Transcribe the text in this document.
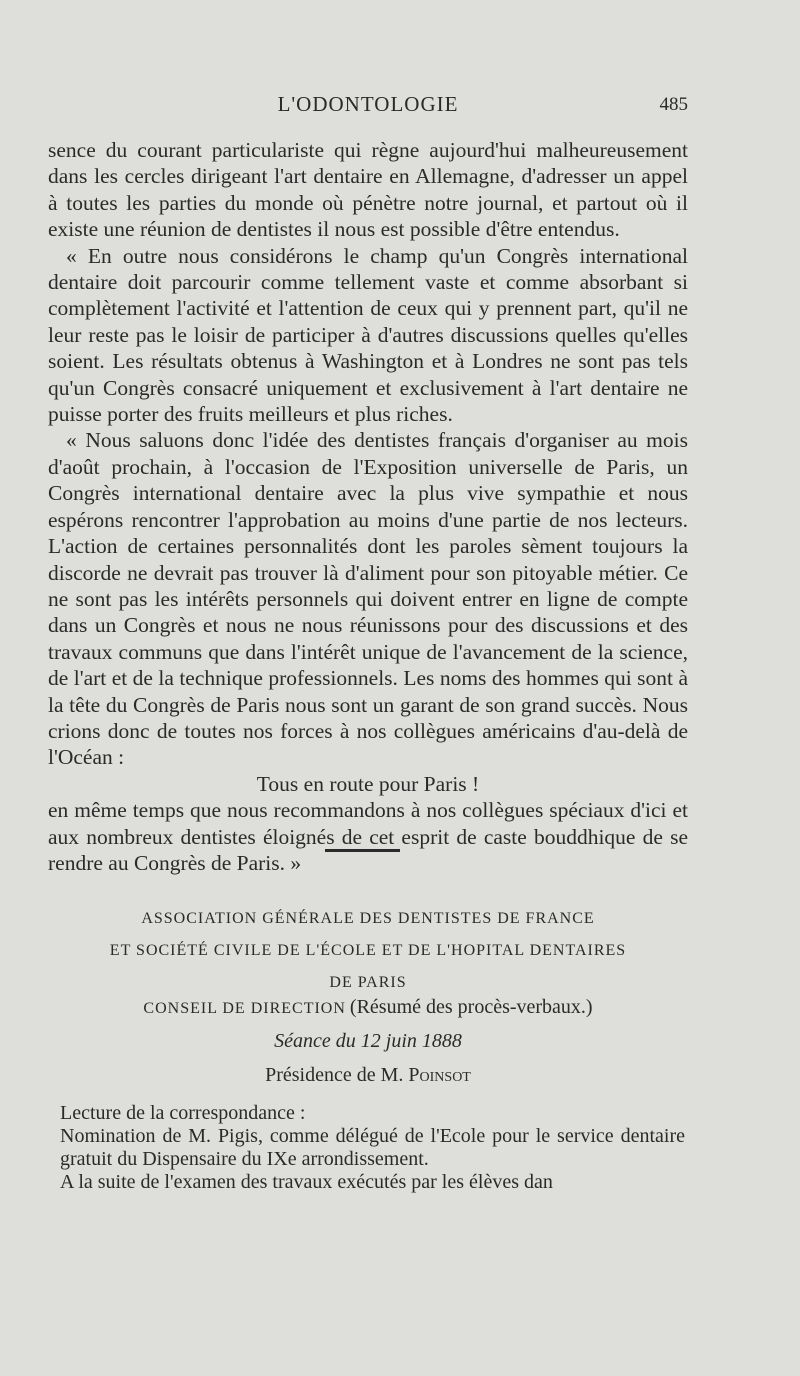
L'ODONTOLOGIE	485

sence du courant particulariste qui règne aujourd'hui malheureusement dans les cercles dirigeant l'art dentaire en Allemagne, d'adresser un appel à toutes les parties du monde où pénètre notre journal, et partout où il existe une réunion de dentistes il nous est possible d'être entendus.

« En outre nous considérons le champ qu'un Congrès international dentaire doit parcourir comme tellement vaste et comme absorbant si complètement l'activité et l'attention de ceux qui y prennent part, qu'il ne leur reste pas le loisir de participer à d'autres discussions quelles qu'elles soient. Les résultats obtenus à Washington et à Londres ne sont pas tels qu'un Congrès consacré uniquement et exclusivement à l'art dentaire ne puisse porter des fruits meilleurs et plus riches.

« Nous saluons donc l'idée des dentistes français d'organiser au mois d'août prochain, à l'occasion de l'Exposition universelle de Paris, un Congrès international dentaire avec la plus vive sympathie et nous espérons rencontrer l'approbation au moins d'une partie de nos lecteurs. L'action de certaines personnalités dont les paroles sèment toujours la discorde ne devrait pas trouver là d'aliment pour son pitoyable métier. Ce ne sont pas les intérêts personnels qui doivent entrer en ligne de compte dans un Congrès et nous ne nous réunissons pour des discussions et des travaux communs que dans l'intérêt unique de l'avancement de la science, de l'art et de la technique professionnels. Les noms des hommes qui sont à la tête du Congrès de Paris nous sont un garant de son grand succès. Nous crions donc de toutes nos forces à nos collègues américains d'au-delà de l'Océan :

Tous en route pour Paris !

en même temps que nous recommandons à nos collègues spéciaux d'ici et aux nombreux dentistes éloignés de cet esprit de caste bouddhique de se rendre au Congrès de Paris. »

ASSOCIATION GÉNÉRALE DES DENTISTES DE FRANCE

ET SOCIÉTÉ CIVILE DE L'ÉCOLE ET DE L'HOPITAL DENTAIRES

DE PARIS

CONSEIL DE DIRECTION (Résumé des procès-verbaux.)
Séance du 12 juin 1888
Présidence de M. Poinsot

Lecture de la correspondance :

Nomination de M. Pigis, comme délégué de l'Ecole pour le service dentaire gratuit du Dispensaire du IXe arrondissement.

A la suite de l'examen des travaux exécutés par les élèves dan
